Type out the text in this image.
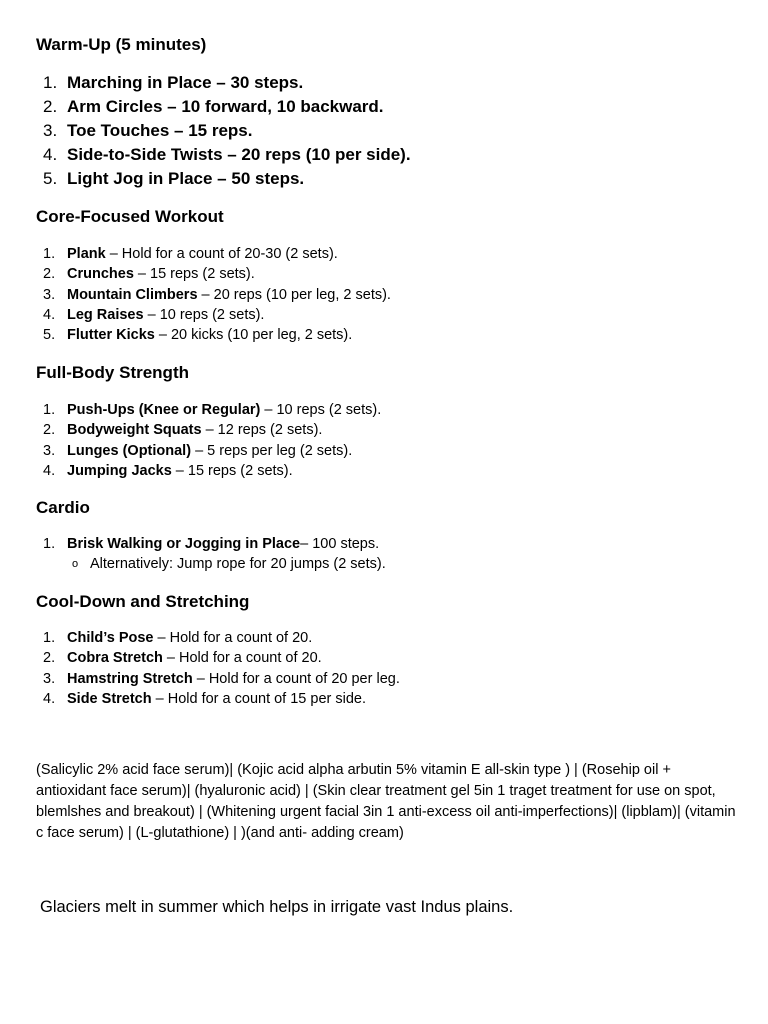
Warm-Up (5 minutes)
1. Marching in Place – 30 steps.
2. Arm Circles – 10 forward, 10 backward.
3. Toe Touches – 15 reps.
4. Side-to-Side Twists – 20 reps (10 per side).
5. Light Jog in Place – 50 steps.
Core-Focused Workout
1. Plank – Hold for a count of 20-30 (2 sets).
2. Crunches – 15 reps (2 sets).
3. Mountain Climbers – 20 reps (10 per leg, 2 sets).
4. Leg Raises – 10 reps (2 sets).
5. Flutter Kicks – 20 kicks (10 per leg, 2 sets).
Full-Body Strength
1. Push-Ups (Knee or Regular) – 10 reps (2 sets).
2. Bodyweight Squats – 12 reps (2 sets).
3. Lunges (Optional) – 5 reps per leg (2 sets).
4. Jumping Jacks – 15 reps (2 sets).
Cardio
1. Brisk Walking or Jogging in Place– 100 steps.
o Alternatively: Jump rope for 20 jumps (2 sets).
Cool-Down and Stretching
1. Child’s Pose – Hold for a count of 20.
2. Cobra Stretch – Hold for a count of 20.
3. Hamstring Stretch – Hold for a count of 20 per leg.
4. Side Stretch – Hold for a count of 15 per side.

(Salicylic 2% acid face serum)| (Kojic acid alpha arbutin 5% vitamin E all-skin type ) | (Rosehip oil + antioxidant face serum)| (hyaluronic acid) | (Skin clear treatment gel 5in 1 traget treatment for use on spot, blemlshes and breakout) | (Whitening urgent facial 3in 1 anti-excess oil anti-imperfections)| (lipblam)| (vitamin c face serum) | (L-glutathione) | )(and anti- adding cream)

Glaciers melt in summer which helps in irrigate vast Indus plains.
